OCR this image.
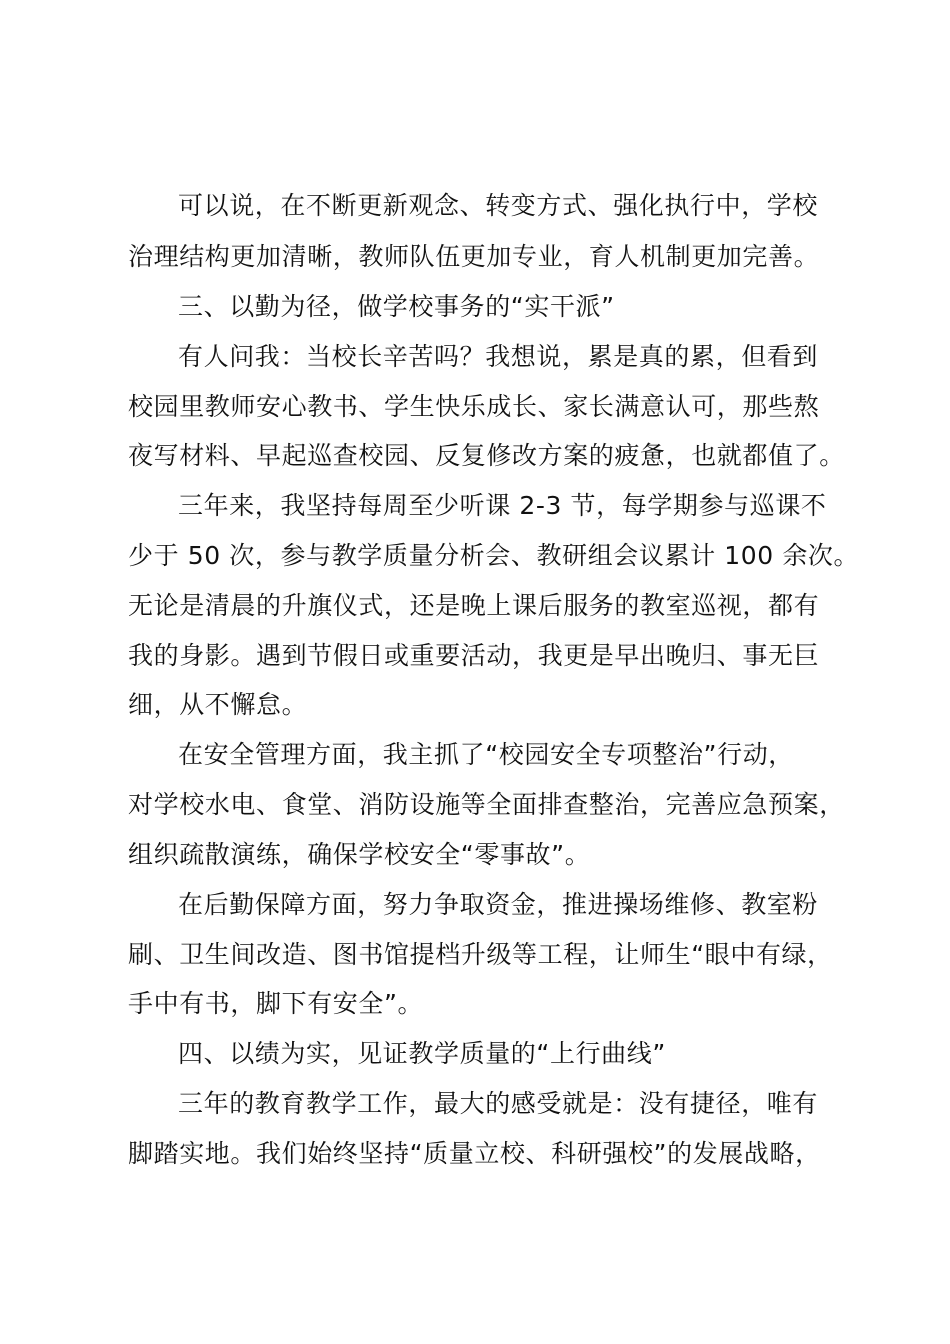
可以说，在不断更新观念、转变方式、强化执行中，学校
治理结构更加清晰，教师队伍更加专业，育人机制更加完善。
三、以勤为径，做学校事务的“实干派”
有人问我：当校长辛苦吗？我想说，累是真的累，但看到
校园里教师安心教书、学生快乐成长、家长满意认可，那些熬
夜写材料、早起巡查校园、反复修改方案的疲惫，也就都值了。
三年来，我坚持每周至少听课 2-3 节，每学期参与巡课不
少于 50 次，参与教学质量分析会、教研组会议累计 100 余次。
无论是清晨的升旗仪式，还是晚上课后服务的教室巡视，都有
我的身影。遇到节假日或重要活动，我更是早出晚归、事无巨
细，从不懈怠。
在安全管理方面，我主抓了“校园安全专项整治”行动，
对学校水电、食堂、消防设施等全面排查整治，完善应急预案，
组织疏散演练，确保学校安全“零事故”。
在后勤保障方面，努力争取资金，推进操场维修、教室粉
刷、卫生间改造、图书馆提档升级等工程，让师生“眼中有绿，
手中有书，脚下有安全”。
四、以绩为实，见证教学质量的“上行曲线”
三年的教育教学工作，最大的感受就是：没有捷径，唯有
脚踏实地。我们始终坚持“质量立校、科研强校”的发展战略，
